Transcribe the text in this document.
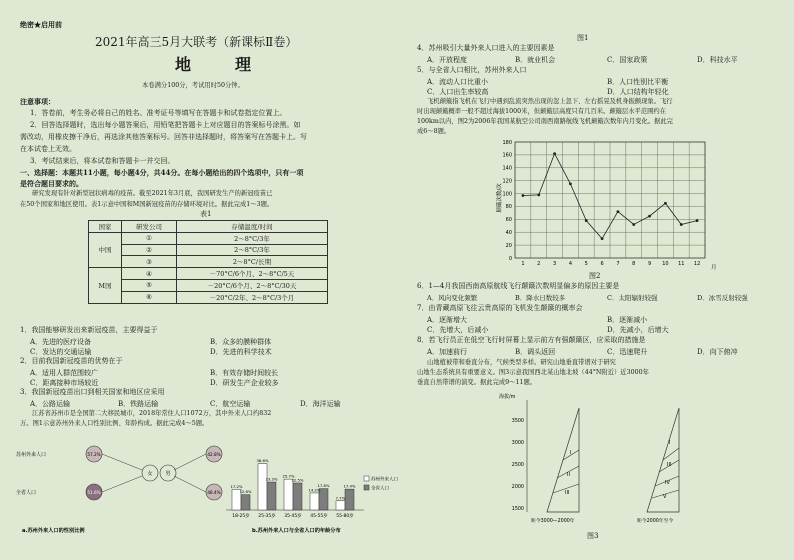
绝密★启用前
2021年高三5月大联考（新课标Ⅱ卷）
地　理
本卷满分100分，考试用时50分钟。
注意事项：
1．答卷前，考生务必将自己的姓名、准考证号等填写在答题卡和试卷指定位置上。
2．回答选择题时，选出每小题答案后，用铅笔把答题卡上对应题目的答案标号涂黑。如
需改动，用橡皮擦干净后，再选涂其他答案标号。回答非选择题时，将答案写在答题卡上。写
在本试卷上无效。
3．考试结束后，将本试卷和答题卡一并交回。
一、选择题：本题共11小题，每小题4分，共44分。在每小题给出的四个选项中，只有一项
是符合题目要求的。
研究发现有针对新型冠状病毒的疫苗。截至2021年3月底，我国研发生产的新冠疫苗已
在50个国家和地区使用。表1示意中国和M国新冠疫苗的存储环境对比。据此完成1～3题。
表1
国家	研发公司	存储温度/时间
中国	①	2～8°C/3年
	②	2～8°C/3年
	③	2～8°C/长期
M国	④	－70°C/6个月、2～8°C/5天
	⑤	－20°C/6个月、2～8°C/30天
	⑥	－20°C/2年、2～8°C/3个月
1．我国能够研发出来新冠疫苗，主要得益于
A．先进的医疗设备	B．众多的膜种群体
C．发达的交通运输	D．先进的科学技术
2．目前我国新冠疫苗的优势在于
A．适用人群范围较广	B．有效存储时间较长
C．距离接种市场较近	D．研发生产企业较多
3．我国新冠疫苗出口到相关国家和地区应采用
A．公路运输	B．铁路运输	C．航空运输	D．海洋运输
江苏省苏州市是全国第二大移民城市，2018年常住人口1072万，其中外来人口约832
万。图1示意苏州外来人口性别比例、年龄构成。据此完成4～5题。
苏州外来人口
全省人口
57.2%	42.8%
51.6%	48.4%
女	男
a.苏州外来人口的性别比例	b.苏州外来人口与全省人口的年龄分布
苏州外来人口
全省人口
17.2%
12.8%
18-25岁
38.6%
23.3%
25-35岁
25.7%
22.5%
35-45岁
14.2%
17.8%
45-55岁
7.7%
17.4%
55-80岁
图1
4．苏州吸引大量外来人口进入的主要因素是
A．开放程度	B．就业机会	C．国家政策	D．科技水平
5．与全省人口相比，苏州外来人口
A．流动人口比重小	B．人口性别比平衡
C．人口出生率较高	D．人口结构年轻化
飞机颠簸指飞机在飞行中遇到乱流突然出现的忽上忽下、左右摇晃及机身振颤现象。飞行
时出现颠簸概率一般不超过海拔1000米，但颠簸层高度只有几百米。颠簸层水平范围约在
100km以内，图2为2006年我国某航空公司南西南路航线飞机颠簸次数年内月变化。据此完
成6～8题。
颠簸次数/次
月
0
20
40
60
80
100
120
140
160
180
1	2	3	4	5	6	7	8	9 10 11 12
图2
6．1—4月我国西南高原航线飞行颠簸次数明显偏多的原因主要是
A．风向变化频繁	B．降水日数较多	C．太阳辐射较强	D．冰雪反射较强
7．由青藏高原飞往云贵高原的飞机发生颠簸的概率会
A．逐渐增大	B．逐渐减小
C．先增大，后减小	D．先减小，后增大
8．若飞行员正在低空飞行时屏幕上显示前方有强颠簸区，应采取的措施是
A．加速前行	B．调头返回	C．迅速爬升	D．向下俯冲
山地植被带和垂直分布，气候类型多样。研究山地垂直带谱对于研究
山地生态系统具有重要意义。图3示意我国西北某山地北坡（44°N附近）近3000年
垂直自然带谱的演变。据此完成9～11题。
海拔/m
3500
3000
2500
2000
1500
I
II
III
距今3000—2000年
I
III
IV
V
距今2000年至今
图3
